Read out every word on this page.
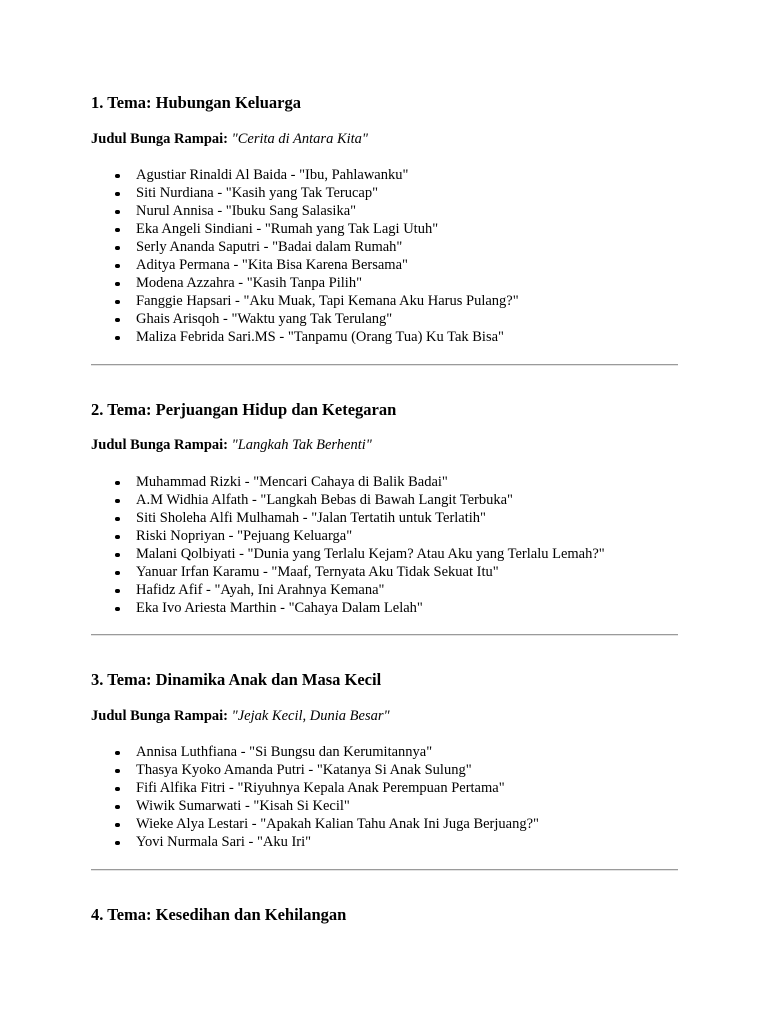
1. Tema: Hubungan Keluarga

Judul Bunga Rampai: "Cerita di Antara Kita"

Agustiar Rinaldi Al Baida - "Ibu, Pahlawanku"
Siti Nurdiana - "Kasih yang Tak Terucap"
Nurul Annisa - "Ibuku Sang Salasika"
Eka Angeli Sindiani - "Rumah yang Tak Lagi Utuh"
Serly Ananda Saputri - "Badai dalam Rumah"
Aditya Permana - "Kita Bisa Karena Bersama"
Modena Azzahra - "Kasih Tanpa Pilih"
Fanggie Hapsari - "Aku Muak, Tapi Kemana Aku Harus Pulang?"
Ghais Arisqoh - "Waktu yang Tak Terulang"
Maliza Febrida Sari.MS - "Tanpamu (Orang Tua) Ku Tak Bisa"
2. Tema: Perjuangan Hidup dan Ketegaran

Judul Bunga Rampai: "Langkah Tak Berhenti"

Muhammad Rizki - "Mencari Cahaya di Balik Badai"
A.M Widhia Alfath - "Langkah Bebas di Bawah Langit Terbuka"
Siti Sholeha Alfi Mulhamah - "Jalan Tertatih untuk Terlatih"
Riski Nopriyan - "Pejuang Keluarga"
Malani Qolbiyati - "Dunia yang Terlalu Kejam? Atau Aku yang Terlalu Lemah?"
Yanuar Irfan Karamu - "Maaf, Ternyata Aku Tidak Sekuat Itu"
Hafidz Afif - "Ayah, Ini Arahnya Kemana"
Eka Ivo Ariesta Marthin - "Cahaya Dalam Lelah"
3. Tema: Dinamika Anak dan Masa Kecil

Judul Bunga Rampai: "Jejak Kecil, Dunia Besar"

Annisa Luthfiana - "Si Bungsu dan Kerumitannya"
Thasya Kyoko Amanda Putri - "Katanya Si Anak Sulung"
Fifi Alfika Fitri - "Riyuhnya Kepala Anak Perempuan Pertama"
Wiwik Sumarwati - "Kisah Si Kecil"
Wieke Alya Lestari - "Apakah Kalian Tahu Anak Ini Juga Berjuang?"
Yovi Nurmala Sari - "Aku Iri"
4. Tema: Kesedihan dan Kehilangan
